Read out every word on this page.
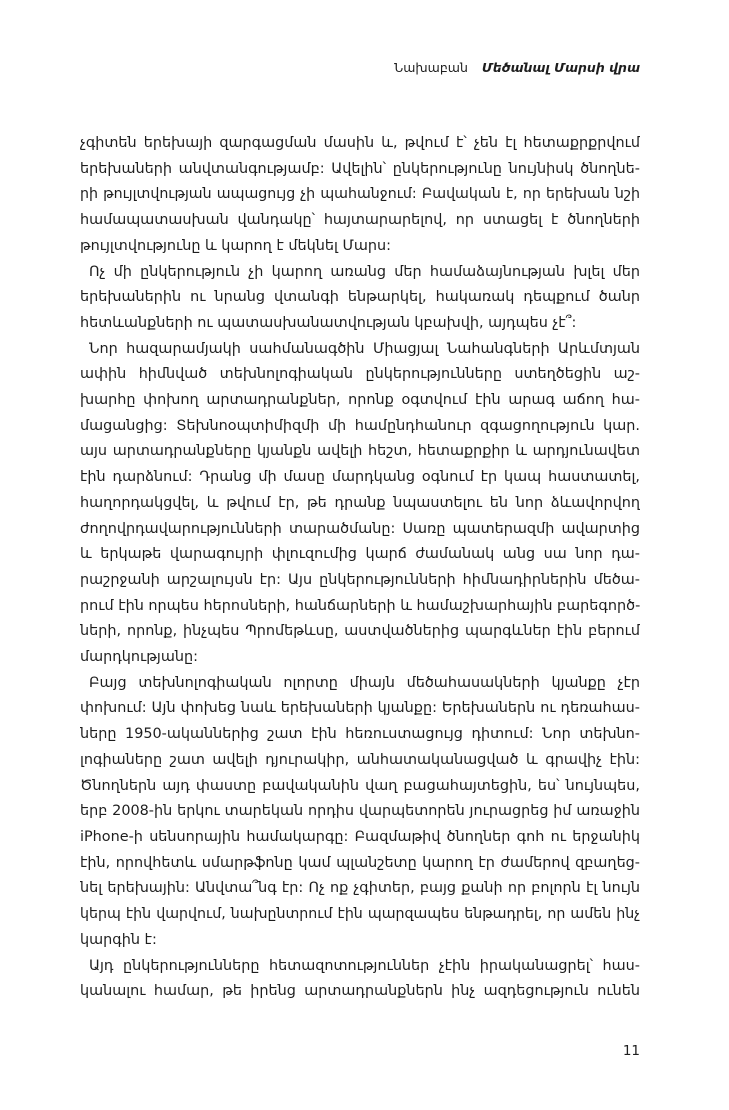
Նախաբան Մեծանալ Մարսի վրա
չգիտեն երեխայի զարգացման մասին և, թվում է՝ չեն էլ հետաքրքրվում
երեխաների անվտանգությամբ: Ավելին՝ ընկերությունը նույնիսկ ծնողնե-
րի թույլտվության ապացույց չի պահանջում: Բավական է, որ երեխան նշի
համապատասխան վանդակը՝ հայտարարելով, որ ստացել է ծնողների
թույլտվությունը և կարող է մեկնել Մարս:
Ոչ մի ընկերություն չի կարող առանց մեր համաձայնության խլել մեր
երեխաներին ու նրանց վտանգի ենթարկել, հակառակ դեպքում ծանր
հետևանքների ու պատասխանատվության կբախվի, այդպես չէ՞:
Նոր հազարամյակի սահմանագծին Միացյալ Նահանգների Արևմտյան
ափին հիմնված տեխնոլոգիական ընկերությունները ստեղծեցին աշ-
խարհը փոխող արտադրանքներ, որոնք օգտվում էին արագ աճող հա-
մացանցից: Տեխնոօպտիմիզմի մի համընդհանուր զգացողություն կար.
այս արտադրանքները կյանքն ավելի հեշտ, հետաքրքիր և արդյունավետ
էին դարձնում: Դրանց մի մասը մարդկանց օգնում էր կապ հաստատել,
հաղորդակցվել, և թվում էր, թե դրանք նպաստելու են նոր ձևավորվող
ժողովրդավարությունների տարածմանը: Սառը պատերազմի ավարտից
և երկաթե վարագույրի փլուզումից կարճ ժամանակ անց սա նոր դա-
րաշրջանի արշալույսն էր: Այս ընկերությունների հիմնադիրներին մեծա-
րում էին որպես հերոսների, հանճարների և համաշխարհային բարեգործ-
ների, որոնք, ինչպես Պրոմեթևսը, աստվածներից պարգևներ էին բերում
մարդկությանը:
Բայց տեխնոլոգիական ոլորտը միայն մեծահասակների կյանքը չէր
փոխում: Այն փոխեց նաև երեխաների կյանքը: Երեխաներն ու դեռահաս-
ները 1950-ականներից շատ էին հեռուստացույց դիտում: Նոր տեխնո-
լոգիաները շատ ավելի դյուրակիր, անհատականացված և գրավիչ էին:
Ծնողներն այդ փաստը բավականին վաղ բացահայտեցին, ես՝ նույնպես,
երբ 2008-ին երկու տարեկան որդիս վարպետորեն յուրացրեց իմ առաջին
iPhone-ի սենսորային համակարգը: Բազմաթիվ ծնողներ գոհ ու երջանիկ
էին, որովհետև սմարթֆոնը կամ պլանշետը կարող էր ժամերով զբաղեց-
նել երեխային: Անվտա՞նգ էր: Ոչ ոք չգիտեր, բայց քանի որ բոլորն էլ նույն
կերպ էին վարվում, նախընտրում էին պարզապես ենթադրել, որ ամեն ինչ
կարգին է:
Այդ ընկերությունները հետազոտություններ չէին իրականացրել՝ հաս-
կանալու համար, թե իրենց արտադրանքներն ինչ ազդեցություն ունեն
11
